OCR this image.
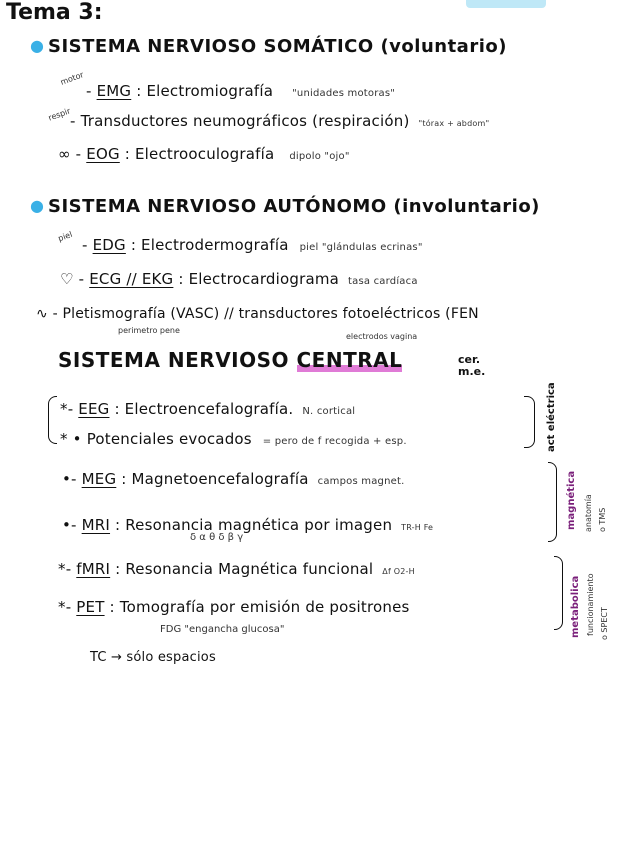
Tema 3:
● SISTEMA NERVIOSO SOMÁTICO (voluntario)
motor
- EMG : Electromiografía "unidades motoras"
respir
- Transductores neumográficos (respiración) "tórax + abdom"
∞ - EOG : Electrooculografía dipolo "ojo"
● SISTEMA NERVIOSO AUTÓNOMO (involuntario)
piel - EDG : Electrodermografía piel "glándulas ecrinas"
♡ - ECG // EKG : Electrocardiograma tasa cardíaca
∿ - Pletismografía (VASC) // transductores fotoeléctricos (FEN
perimetro pene
electrodos vagina
SISTEMA NERVIOSO CENTRAL	cer. m.e.
*- EEG : Electroencefalografía. N. cortical
* • Potenciales evocados = pero de f recogida + esp.	act eléctrica
•- MEG : Magnetoencefalografía campos magnet.
•- MRI : Resonancia magnética por imagen TR-H Fe
δ α θ δ β γ
magnética anatomía o TMS
*- fMRI : Resonancia Magnética funcional Δf O2-H
*- PET : Tomografía por emisión de positrones
FDG "engancha glucosa"	metabolica funcionamiento o SPECT
TC → sólo espacios
